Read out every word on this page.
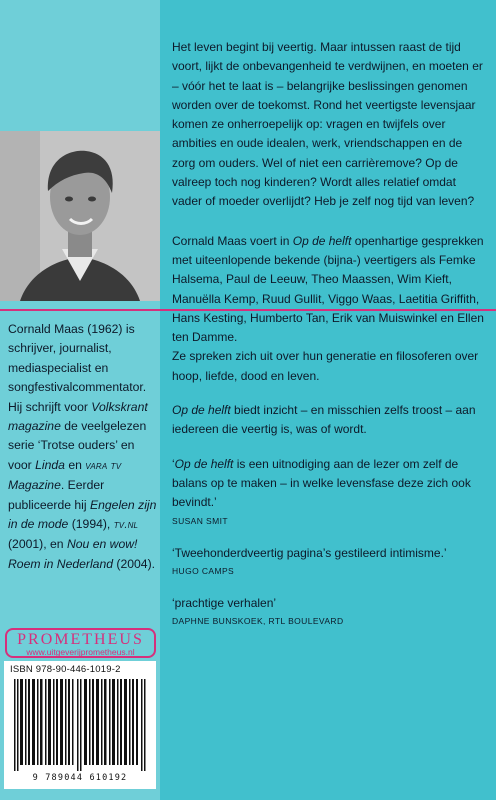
Cornald Maas (1962) is schrijver, journalist, mediaspecialist en songfestivalcommentator. Hij schrijft voor Volkskrant magazine de veelgelezen serie ‘Trotse ouders’ en voor Linda en vara tv Magazine. Eerder publiceerde hij Engelen zijn in de mode (1994), tv.nl (2001), en Nou en wow! Roem in Nederland (2004).
PROMETHEUS
www.uitgeverijprometheus.nl
ISBN 978-90-446-1019-2
9 789044 610192

Het leven begint bij veertig. Maar intussen raast de tijd voort, lijkt de onbevangenheid te verdwijnen, en moeten er – vóór het te laat is – belangrijke beslissingen genomen worden over de toekomst. Rond het veertigste levensjaar komen ze onherroepelijk op: vragen en twijfels over ambities en oude idealen, werk, vriendschappen en de zorg om ouders. Wel of niet een carrièremove? Op de valreep toch nog kinderen? Wordt alles relatief omdat vader of moeder overlijdt? Heb je zelf nog tijd van leven?

Cornald Maas voert in Op de helft openhartige gesprekken met uiteenlopende bekende (bijna-) veertigers als Femke Halsema, Paul de Leeuw, Theo Maassen, Wim Kieft, Manuëlla Kemp, Ruud Gullit, Viggo Waas, Laetitia Griffith, Hans Kesting, Humberto Tan, Erik van Muiswinkel en Ellen ten Damme.

Ze spreken zich uit over hun generatie en filosoferen over hoop, liefde, dood en leven.

Op de helft biedt inzicht – en misschien zelfs troost – aan iedereen die veertig is, was of wordt.

‘Op de helft is een uitnodiging aan de lezer om zelf de balans op te maken – in welke levensfase deze zich ook bevindt.’

SUSAN SMIT

‘Tweehonderdveertig pagina’s gestileerd intimisme.’

HUGO CAMPS

‘prachtige verhalen’

DAPHNE BUNSKOEK, RTL BOULEVARD
